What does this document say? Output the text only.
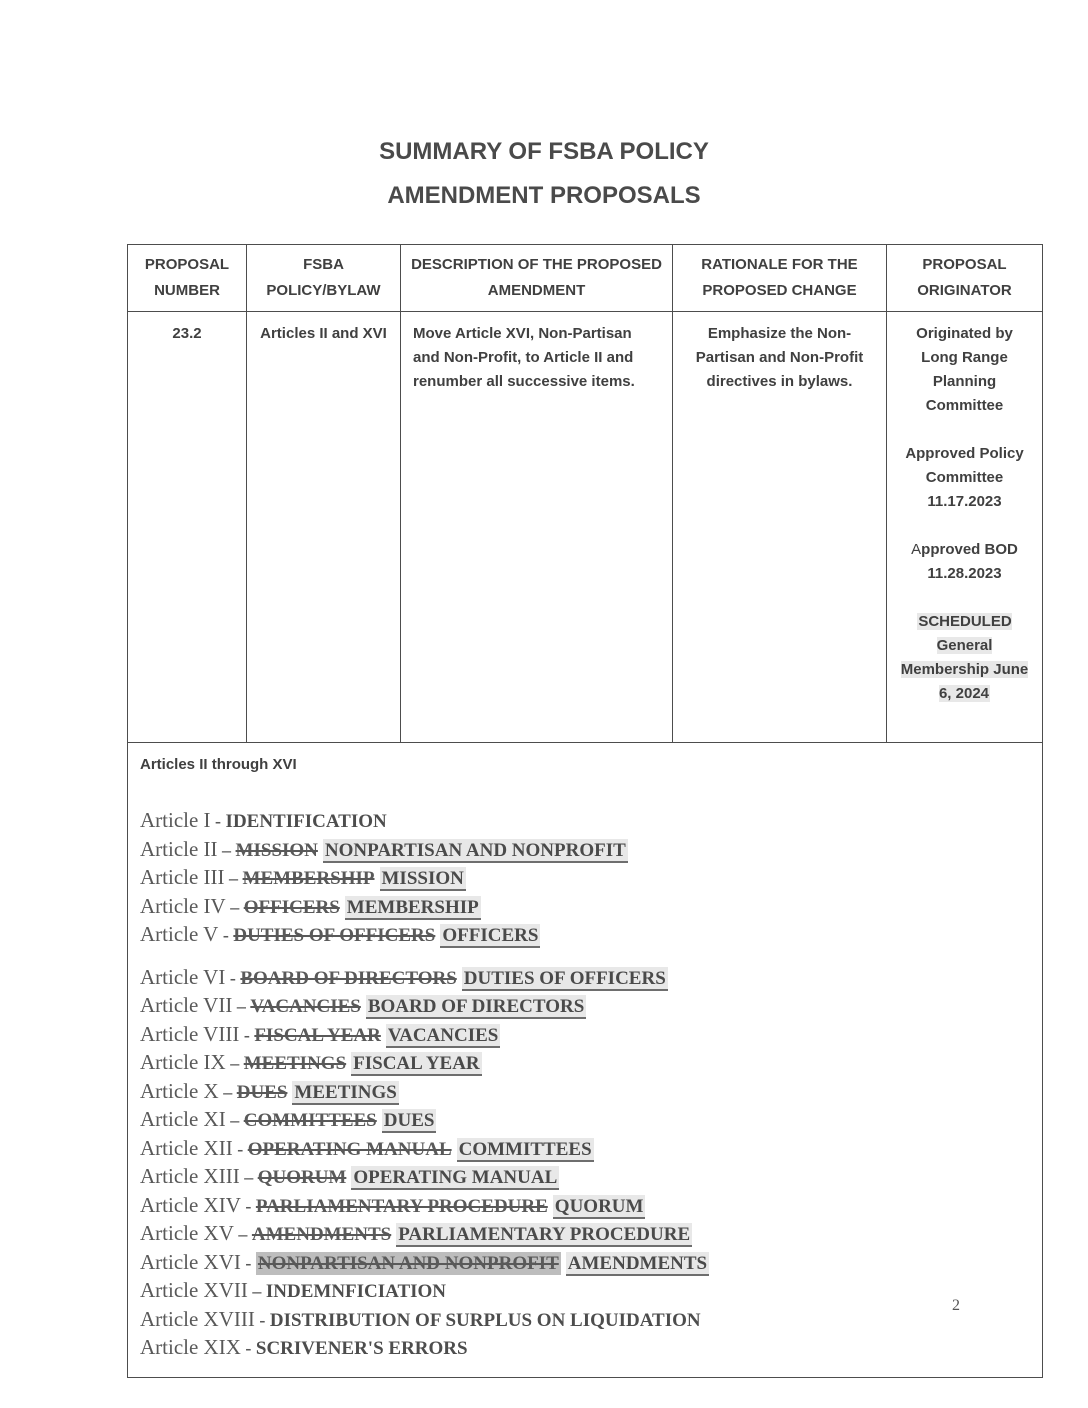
SUMMARY OF FSBA POLICY
AMENDMENT PROPOSALS
PROPOSAL NUMBER	FSBA POLICY/BYLAW	DESCRIPTION OF THE PROPOSED AMENDMENT	RATIONALE FOR THE PROPOSED CHANGE	PROPOSAL ORIGINATOR
23.2	Articles II and XVI	Move Article XVI, Non-Partisan and Non-Profit, to Article II and renumber all successive items.	Emphasize the Non-Partisan and Non-Profit directives in bylaws.	Originated by Long Range Planning Committee
Approved Policy Committee 11.17.2023
Approved BOD 11.28.2023
SCHEDULED General Membership June 6, 2024

Articles II through XVI
Article I - IDENTIFICATION
Article II – MISSION NONPARTISAN AND NONPROFIT
Article III – MEMBERSHIP MISSION
Article IV – OFFICERS MEMBERSHIP
Article V - DUTIES OF OFFICERS OFFICERS
Article VI - BOARD OF DIRECTORS DUTIES OF OFFICERS
Article VII – VACANCIES BOARD OF DIRECTORS
Article VIII - FISCAL YEAR VACANCIES
Article IX – MEETINGS FISCAL YEAR
Article X – DUES MEETINGS
Article XI – COMMITTEES DUES
Article XII - OPERATING MANUAL COMMITTEES
Article XIII – QUORUM OPERATING MANUAL
Article XIV - PARLIAMENTARY PROCEDURE QUORUM
Article XV – AMENDMENTS PARLIAMENTARY PROCEDURE
Article XVI - NONPARTISAN AND NONPROFIT AMENDMENTS
Article XVII – INDEMNFICIATION
Article XVIII - DISTRIBUTION OF SURPLUS ON LIQUIDATION
Article XIX - SCRIVENER'S ERRORS
2
